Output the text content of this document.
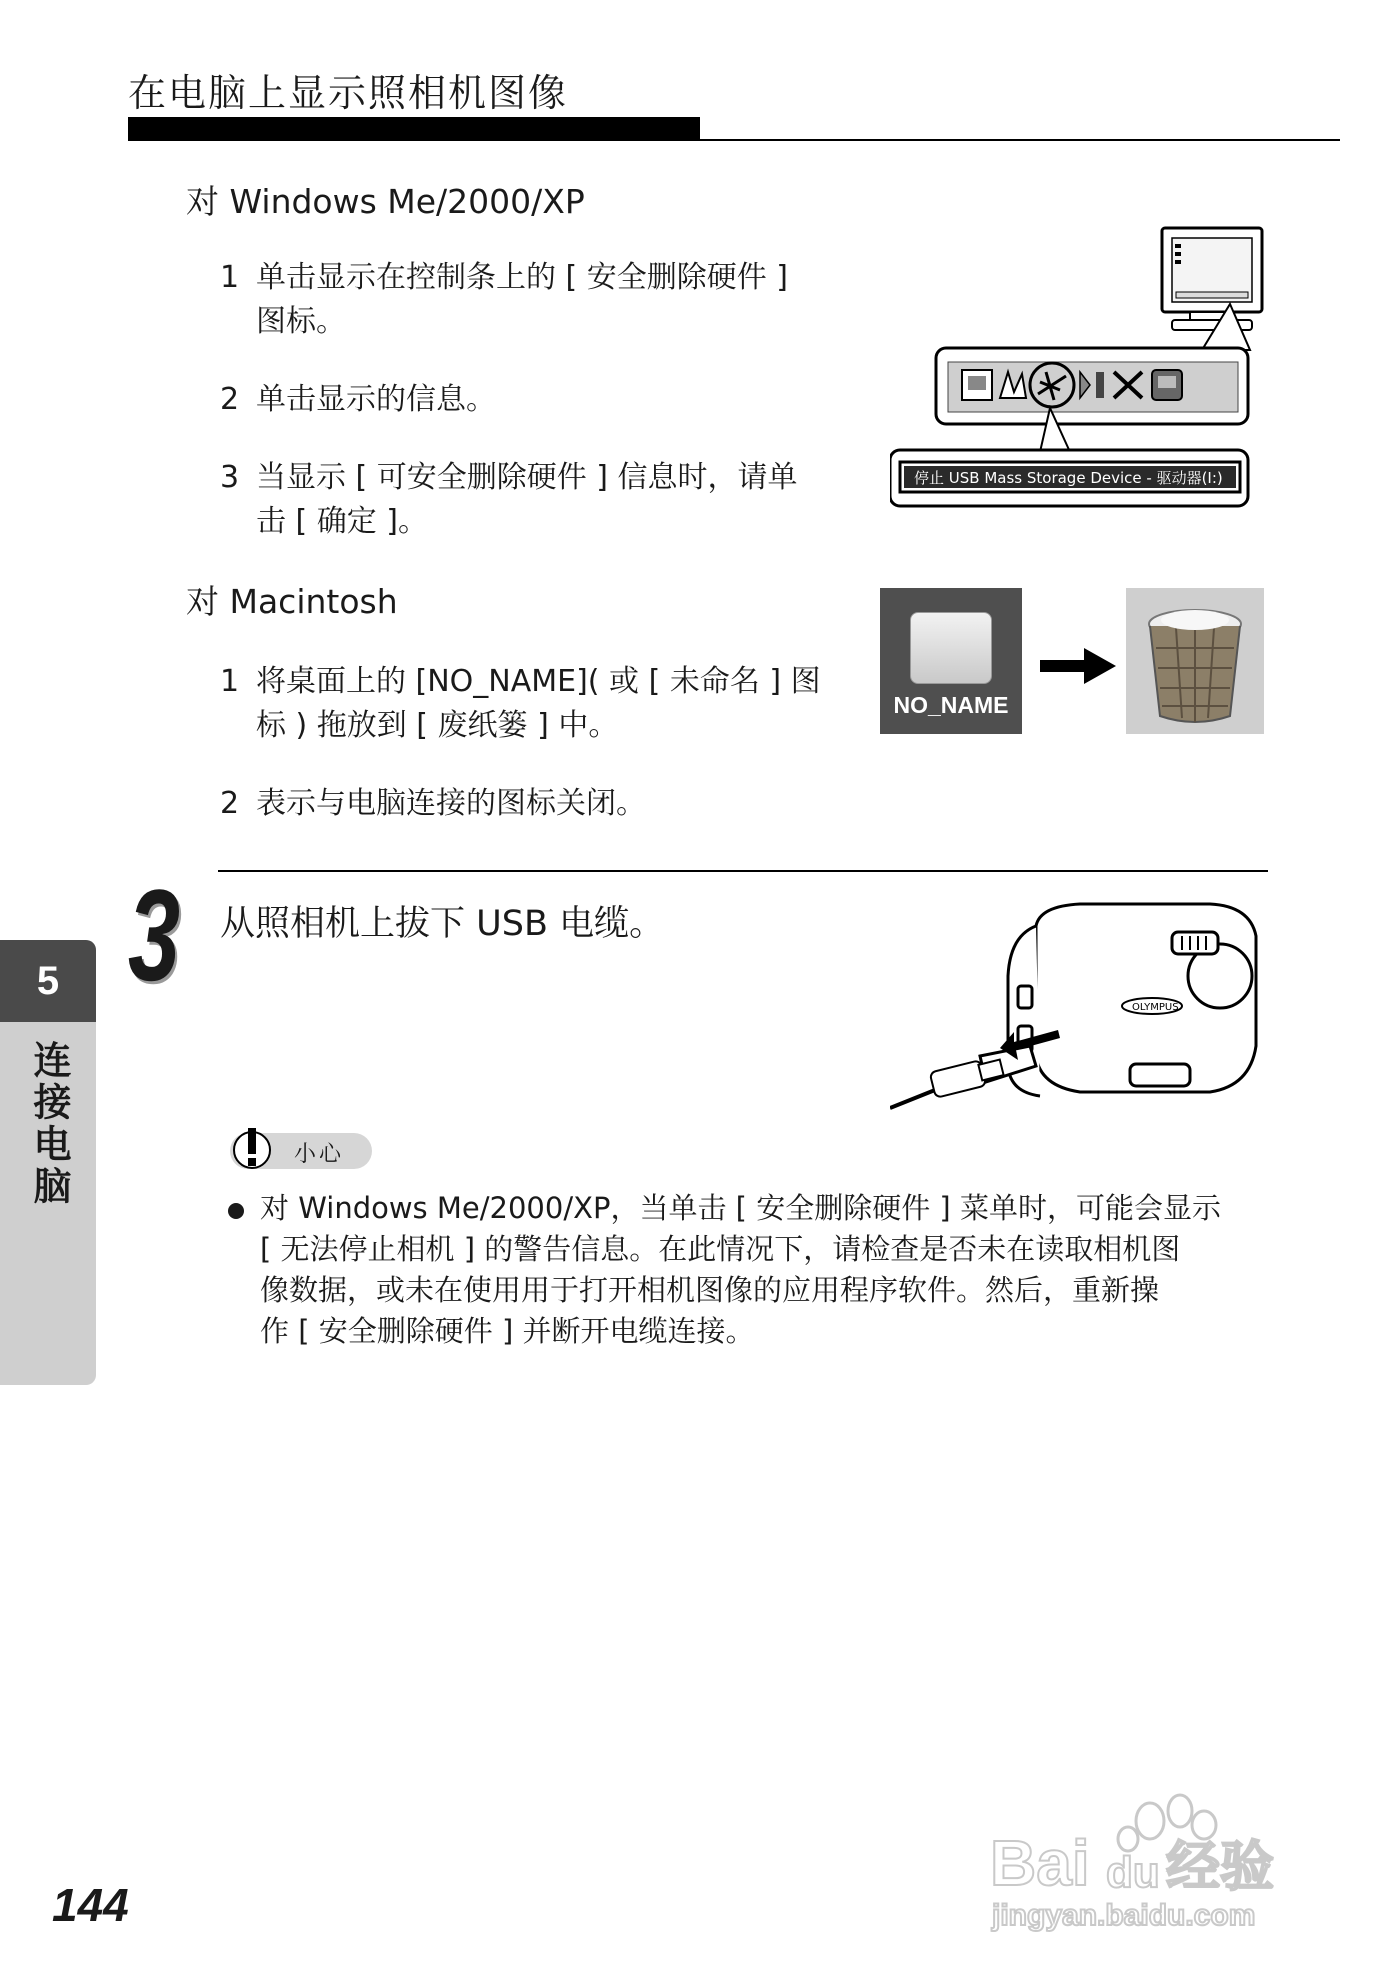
在电脑上显示照相机图像
对 Windows Me/2000/XP
1 单击显示在控制条上的 [ 安全删除硬件 ]
图标。
2 单击显示的信息。
3 当显示 [ 可安全删除硬件 ] 信息时，请单
击 [ 确定 ]。
停止 USB Mass Storage Device - 驱动器(I:)
对 Macintosh
1 将桌面上的 [NO_NAME]( 或 [ 未命名 ] 图
标 ) 拖放到 [ 废纸篓 ] 中。
2 表示与电脑连接的图标关闭。
NO_NAME
3 从照相机上拔下 USB 电缆。
OLYMPUS
5
连接电脑	小心
对 Windows Me/2000/XP，当单击 [ 安全删除硬件 ] 菜单时，可能会显示
[ 无法停止相机 ] 的警告信息。在此情况下，请检查是否未在读取相机图
像数据，或未在使用用于打开相机图像的应用程序软件。然后，重新操
作 [ 安全删除硬件 ] 并断开电缆连接。
144
Bai du 经验
jingyan.baidu.com
